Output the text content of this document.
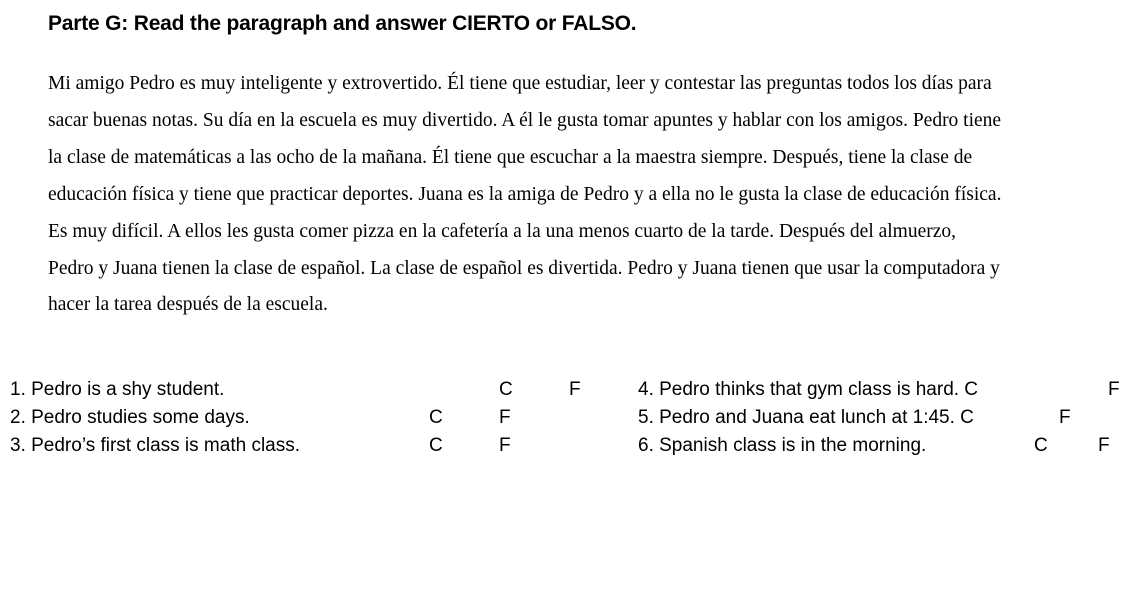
Parte G: Read the paragraph and answer CIERTO or FALSO.
Mi amigo Pedro es muy inteligente y extrovertido. Él tiene que estudiar, leer y contestar las preguntas todos los días para
sacar buenas notas. Su día en la escuela es muy divertido. A él le gusta tomar apuntes y hablar con los amigos. Pedro tiene
la clase de matemáticas a las ocho de la mañana. Él tiene que escuchar a la maestra siempre. Después, tiene la clase de
educación física y tiene que practicar deportes. Juana es la amiga de Pedro y a ella no le gusta la clase de educación física.
Es muy difícil. A ellos les gusta comer pizza en la cafetería a la una menos cuarto de la tarde. Después del almuerzo,
Pedro y Juana tienen la clase de español. La clase de español es divertida. Pedro y Juana tienen que usar la computadora y
hacer la tarea después de la escuela.
1. Pedro is a shy student.	C	F
2. Pedro studies some days.	C	F
3. Pedro’s first class is math class.	C	F
4. Pedro thinks that gym class is hard. C	F
5. Pedro and Juana eat lunch at 1:45. C	F
6. Spanish class is in the morning.	C	F
